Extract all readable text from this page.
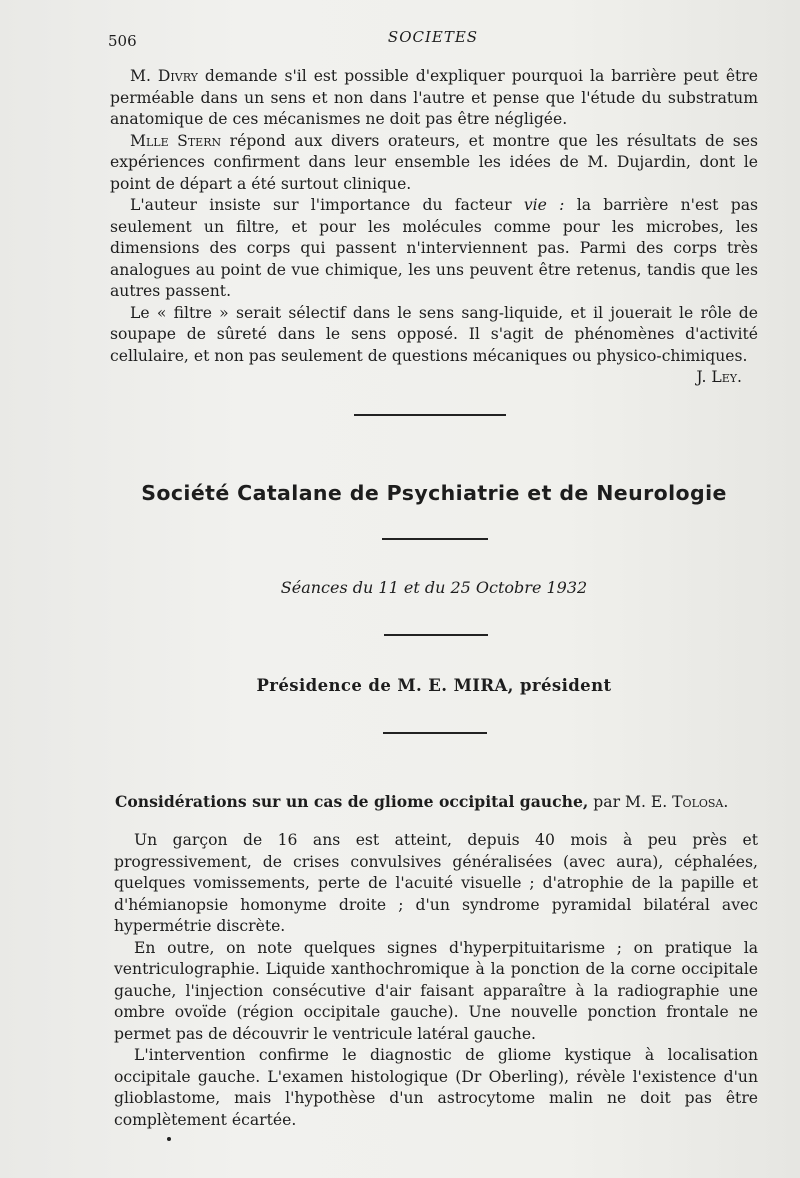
506	SOCIETES

M. Divry demande s'il est possible d'expliquer pourquoi la barrière peut être perméable dans un sens et non dans l'autre et pense que l'étude du substratum anatomique de ces mécanismes ne doit pas être négligée.

Mlle Stern répond aux divers orateurs, et montre que les résultats de ses expériences confirment dans leur ensemble les idées de M. Dujardin, dont le point de départ a été surtout clinique.

L'auteur insiste sur l'importance du facteur vie : la barrière n'est pas seulement un filtre, et pour les molécules comme pour les microbes, les dimensions des corps qui passent n'interviennent pas. Parmi des corps très analogues au point de vue chimique, les uns peuvent être retenus, tandis que les autres passent.

Le « filtre » serait sélectif dans le sens sang-liquide, et il jouerait le rôle de soupape de sûreté dans le sens opposé. Il s'agit de phénomènes d'activité cellulaire, et non pas seulement de questions mécaniques ou physico-chimiques.

J. Ley.

Société Catalane de Psychiatrie et de Neurologie
Séances du 11 et du 25 Octobre 1932
Présidence de M. E. MIRA, président
Considérations sur un cas de gliome occipital gauche, par M. E. Tolosa.

Un garçon de 16 ans est atteint, depuis 40 mois à peu près et progressivement, de crises convulsives généralisées (avec aura), céphalées, quelques vomissements, perte de l'acuité visuelle ; d'atrophie de la papille et d'hémianopsie homonyme droite ; d'un syndrome pyramidal bilatéral avec hypermétrie discrète.

En outre, on note quelques signes d'hyperpituitarisme ; on pratique la ventriculographie. Liquide xanthochromique à la ponction de la corne occipitale gauche, l'injection consécutive d'air faisant apparaître à la radiographie une ombre ovoïde (région occipitale gauche). Une nouvelle ponction frontale ne permet pas de découvrir le ventricule latéral gauche.

L'intervention confirme le diagnostic de gliome kystique à localisation occipitale gauche. L'examen histologique (Dr Oberling), révèle l'existence d'un glioblastome, mais l'hypothèse d'un astrocytome malin ne doit pas être complètement écartée.
